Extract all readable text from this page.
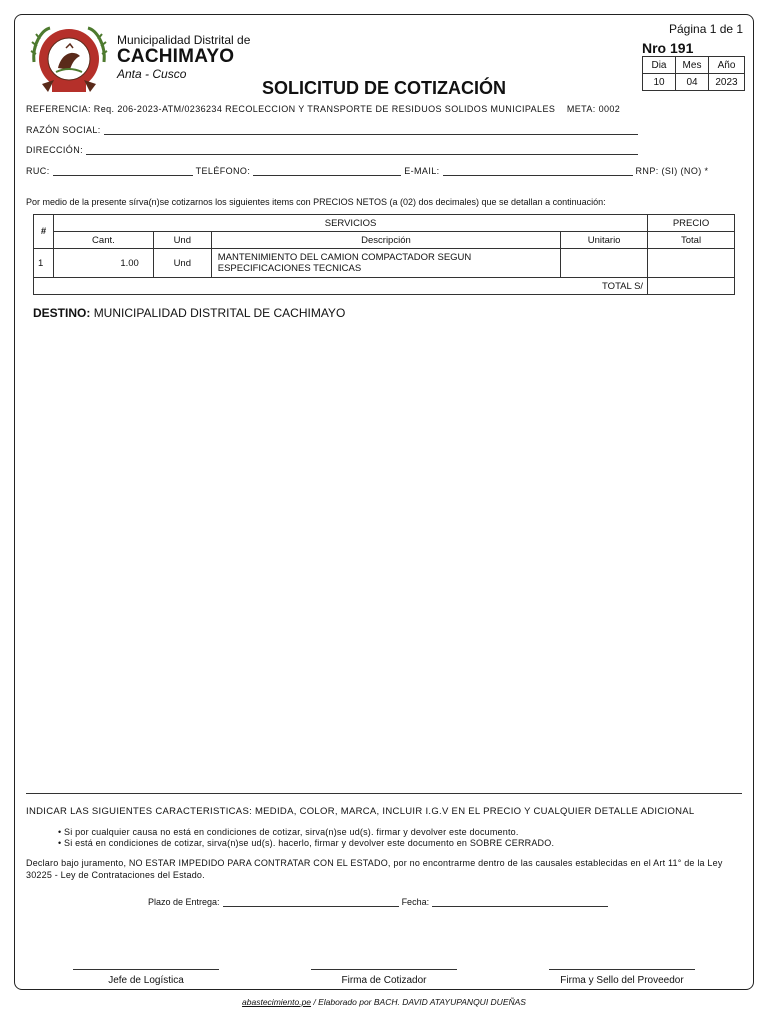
Municipalidad Distrital de
CACHIMAYO
Anta - Cusco
Página 1 de 1
Nro 191
Dia	Mes	Año
10	04	2023
SOLICITUD DE COTIZACIÓN
REFERENCIA: Req. 206-2023-ATM/0236234 RECOLECCION Y TRANSPORTE DE RESIDUOS SOLIDOS MUNICIPALES    META: 0002
RAZÓN SOCIAL:
DIRECCIÓN:
RUC:	TELÉFONO:	E-MAIL:	RNP: (SI) (NO) *
Por medio de la presente sírva(n)se cotizarnos los siguientes items con PRECIOS NETOS (a (02) dos decimales) que se detallan a continuación:
#	SERVICIOS				PRECIO
	Cant.	Und	Descripción	Unitario	Total
1	1.00	Und	MANTENIMIENTO DEL CAMION COMPACTADOR SEGUN
ESPECIFICACIONES TECNICAS		

TOTAL S/					
DESTINO: MUNICIPALIDAD DISTRITAL DE CACHIMAYO
INDICAR LAS SIGUIENTES CARACTERISTICAS: MEDIDA, COLOR, MARCA, INCLUIR I.G.V EN EL PRECIO Y CUALQUIER DETALLE ADICIONAL
• Si por cualquier causa no está en condiciones de cotizar, sirva(n)se ud(s). firmar y devolver este documento.
• Si está en condiciones de cotizar, sirva(n)se ud(s). hacerlo, firmar y devolver este documento en SOBRE CERRADO.
Declaro bajo juramento, NO ESTAR IMPEDIDO PARA CONTRATAR CON EL ESTADO, por no encontrarme dentro de las causales establecidas en el Art 11° de la Ley 30225 - Ley de Contrataciones del Estado.
Plazo de Entrega:	Fecha:
Jefe de Logística	Firma de Cotizador	Firma y Sello del Proveedor
abastecimiento.pe / Elaborado por BACH. DAVID ATAYUPANQUI DUEÑAS
